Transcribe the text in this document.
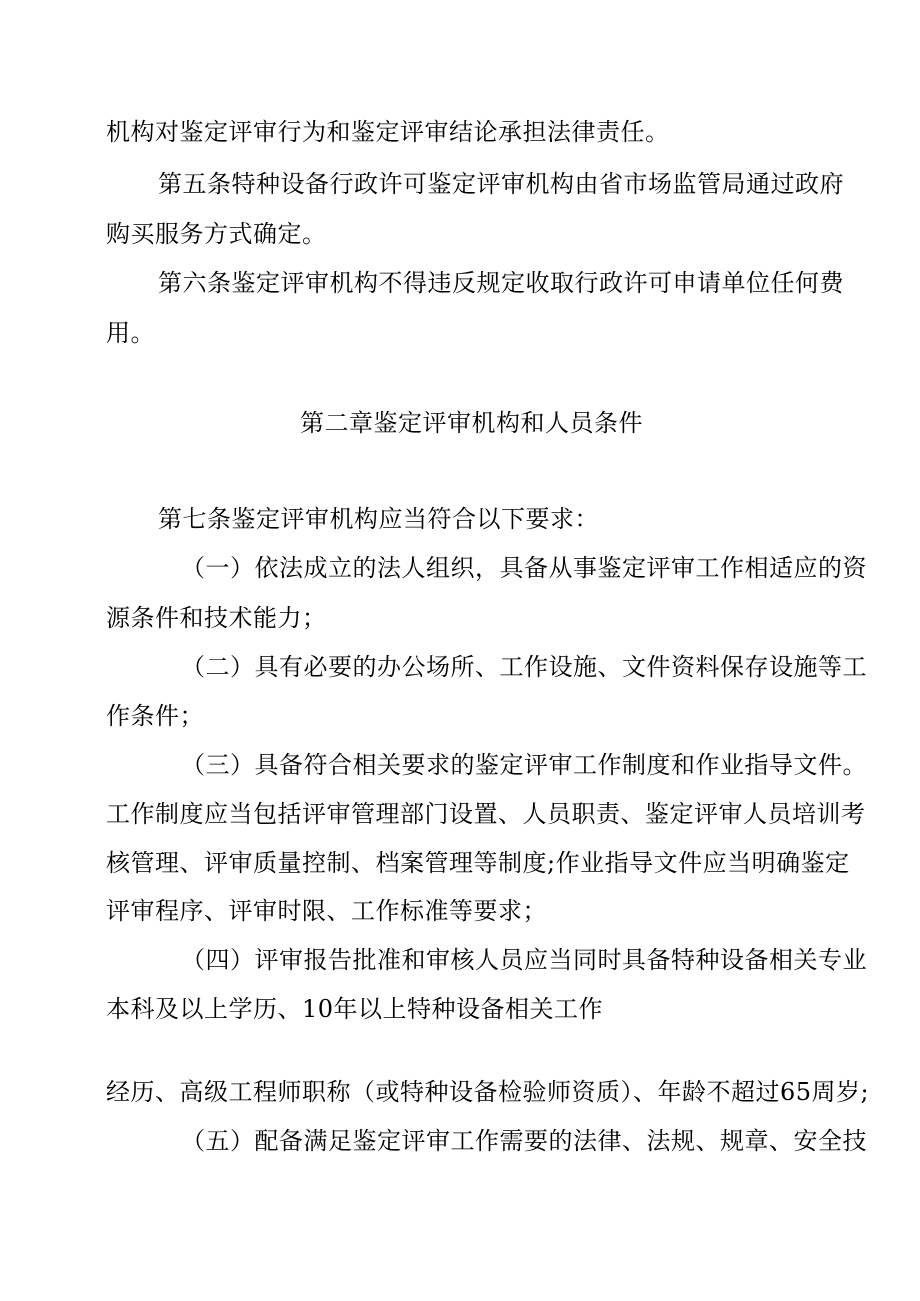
机构对鉴定评审行为和鉴定评审结论承担法律责任。
第五条特种设备行政许可鉴定评审机构由省市场监管局通过政府
购买服务方式确定。
第六条鉴定评审机构不得违反规定收取行政许可申请单位任何费
用。
第二章鉴定评审机构和人员条件
第七条鉴定评审机构应当符合以下要求：
（一）依法成立的法人组织，具备从事鉴定评审工作相适应的资
源条件和技术能力；
（二）具有必要的办公场所、工作设施、文件资料保存设施等工
作条件；
（三）具备符合相关要求的鉴定评审工作制度和作业指导文件。
工作制度应当包括评审管理部门设置、人员职责、鉴定评审人员培训考
核管理、评审质量控制、档案管理等制度;作业指导文件应当明确鉴定
评审程序、评审时限、工作标准等要求；
（四）评审报告批准和审核人员应当同时具备特种设备相关专业
本科及以上学历、10年以上特种设备相关工作
经历、高级工程师职称（或特种设备检验师资质）、年龄不超过65周岁;
（五）配备满足鉴定评审工作需要的法律、法规、规章、安全技
